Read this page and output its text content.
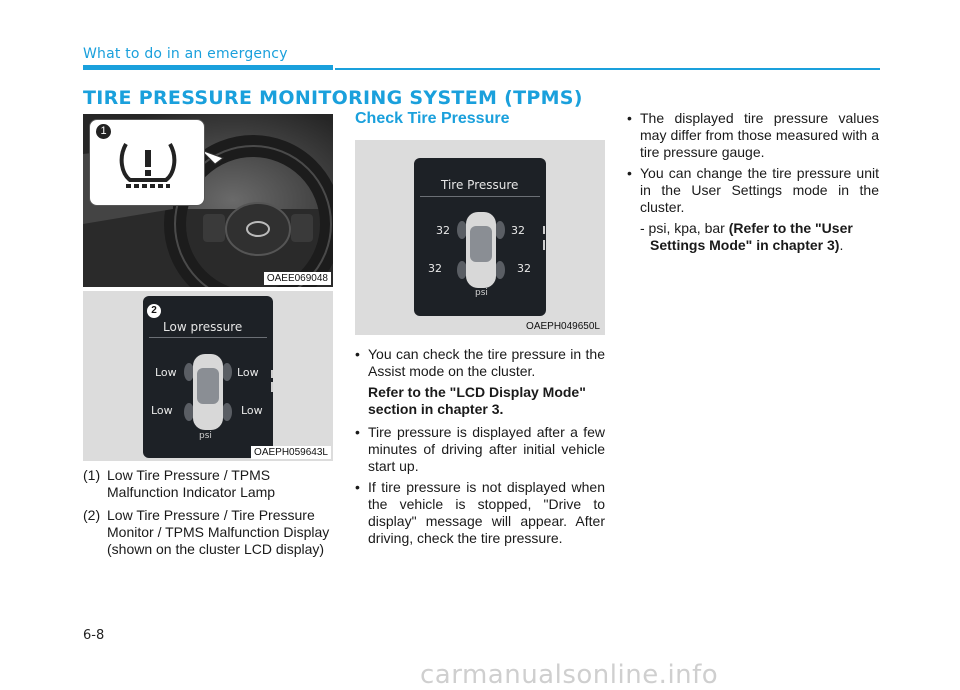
What to do in an emergency
TIRE PRESSURE MONITORING SYSTEM (TPMS)
1
OAEE069048
2
Low pressure
Low	Low
Low	Low
psi
OAEPH059643L
(1) Low Tire Pressure / TPMS Malfunction Indicator Lamp
(2) Low Tire Pressure / Tire Pressure Monitor / TPMS Malfunction Display (shown on the cluster LCD display)
Check Tire Pressure
Tire Pressure
32	32
32	32
psi
OAEPH049650L
• You can check the tire pressure in the Assist mode on the cluster.
Refer to the "LCD Display Mode" section in chapter 3.
• Tire pressure is displayed after a few minutes of driving after initial vehicle start up.
• If tire pressure is not displayed when the vehicle is stopped, "Drive to display" message will appear. After driving, check the tire pressure.
• The displayed tire pressure values may differ from those measured with a tire pressure gauge.
• You can change the tire pressure unit in the User Settings mode in the cluster.
- psi, kpa, bar (Refer to the "User Settings Mode" in chapter 3).
6-8
carmanualsonline.info
